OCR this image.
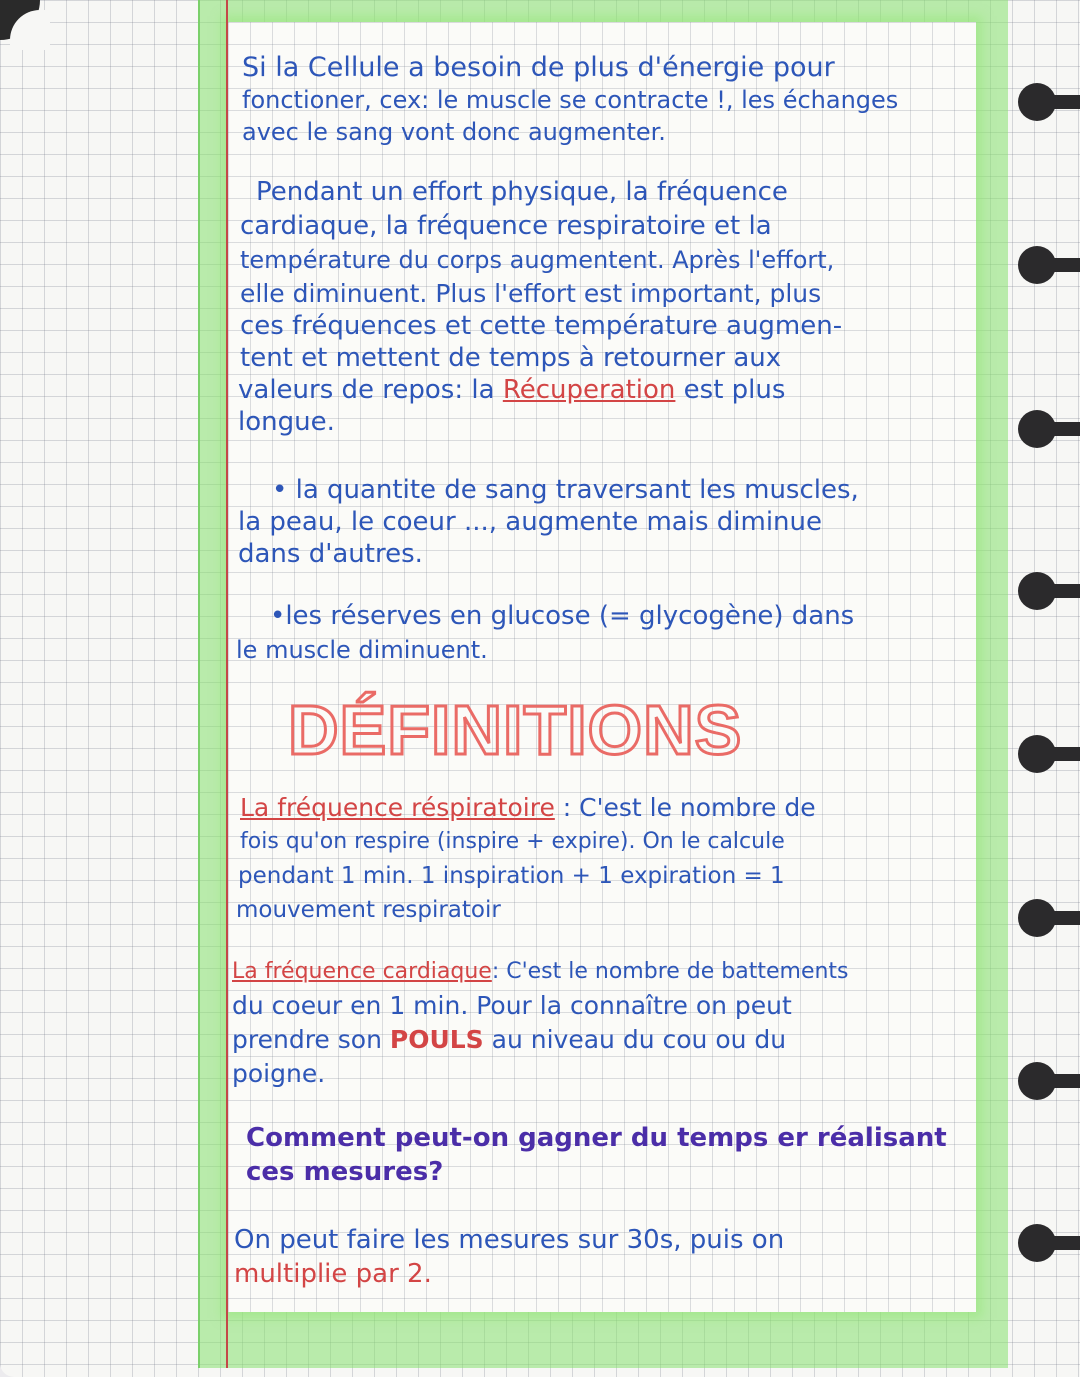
Si la Cellule a besoin de plus d'énergie pour

fonctioner, cex: le muscle se contracte !, les échanges

avec le sang vont donc augmenter.

Pendant un effort physique, la fréquence

cardiaque, la fréquence respiratoire et la

température du corps augmentent. Après l'effort,

elle diminuent. Plus l'effort est important, plus

ces fréquences et cette température augmen-

tent et mettent de temps à retourner aux

valeurs de repos: la Récuperation est plus

longue.

• la quantite de sang traversant les muscles,

la peau, le coeur ..., augmente mais diminue

dans d'autres.

•les réserves en glucose (= glycogène) dans

le muscle diminuent.

DÉFINITIONS

La fréquence réspiratoire : C'est le nombre de

fois qu'on respire (inspire + expire). On le calcule

pendant 1 min. 1 inspiration + 1 expiration = 1

mouvement respiratoir

La fréquence cardiaque: C'est le nombre de battements

du coeur en 1 min. Pour la connaître on peut

prendre son POULS au niveau du cou ou du

poigne.

Comment peut-on gagner du temps er réalisant

ces mesures?

On peut faire les mesures sur 30s, puis on

multiplie par 2.
